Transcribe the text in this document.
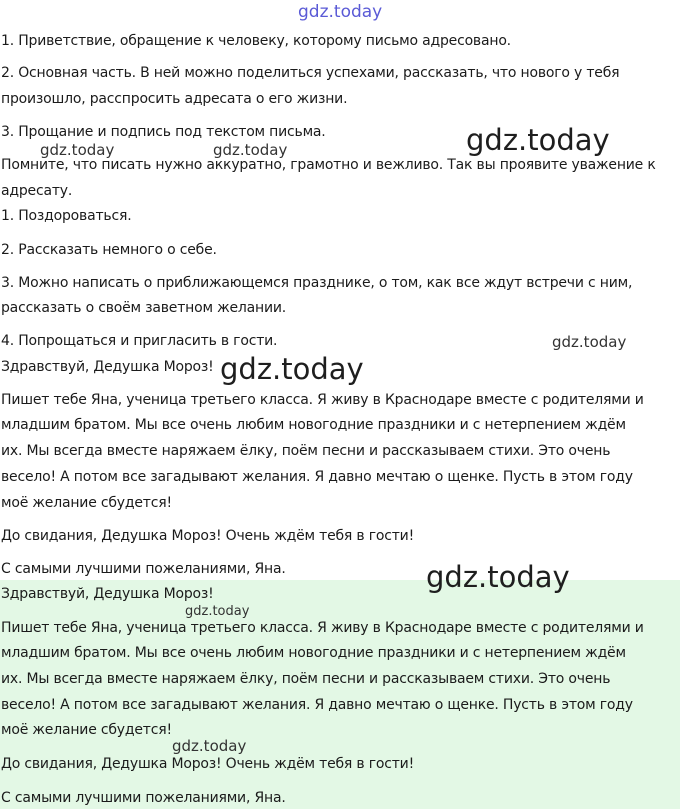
1. Приветствие, обращение к человеку, которому письмо адресовано.
2. Основная часть. В ней можно поделиться успехами, рассказать, что нового у тебя
произошло, расспросить адресата о его жизни.
3. Прощание и подпись под текстом письма.
Помните, что писать нужно аккуратно, грамотно и вежливо. Так вы проявите уважение к
адресату.
1. Поздороваться.
2. Рассказать немного о себе.
3. Можно написать о приближающемся празднике, о том, как все ждут встречи с ним,
рассказать о своём заветном желании.
4. Попрощаться и пригласить в гости.
Здравствуй, Дедушка Мороз!
Пишет тебе Яна, ученица третьего класса. Я живу в Краснодаре вместе с родителями и
младшим братом. Мы все очень любим новогодние праздники и с нетерпением ждём
их. Мы всегда вместе наряжаем ёлку, поём песни и рассказываем стихи. Это очень
весело! А потом все загадывают желания. Я давно мечтаю о щенке. Пусть в этом году
моё желание сбудется!
До свидания, Дедушка Мороз! Очень ждём тебя в гости!
С самыми лучшими пожеланиями, Яна.
Здравствуй, Дедушка Мороз!
Пишет тебе Яна, ученица третьего класса. Я живу в Краснодаре вместе с родителями и
младшим братом. Мы все очень любим новогодние праздники и с нетерпением ждём
их. Мы всегда вместе наряжаем ёлку, поём песни и рассказываем стихи. Это очень
весело! А потом все загадывают желания. Я давно мечтаю о щенке. Пусть в этом году
моё желание сбудется!
До свидания, Дедушка Мороз! Очень ждём тебя в гости!
С самыми лучшими пожеланиями, Яна.
gdz.today
gdz.today
gdz.today	gdz.today
gdz.today
gdz.today
gdz.today
gdz.today
gdz.today
